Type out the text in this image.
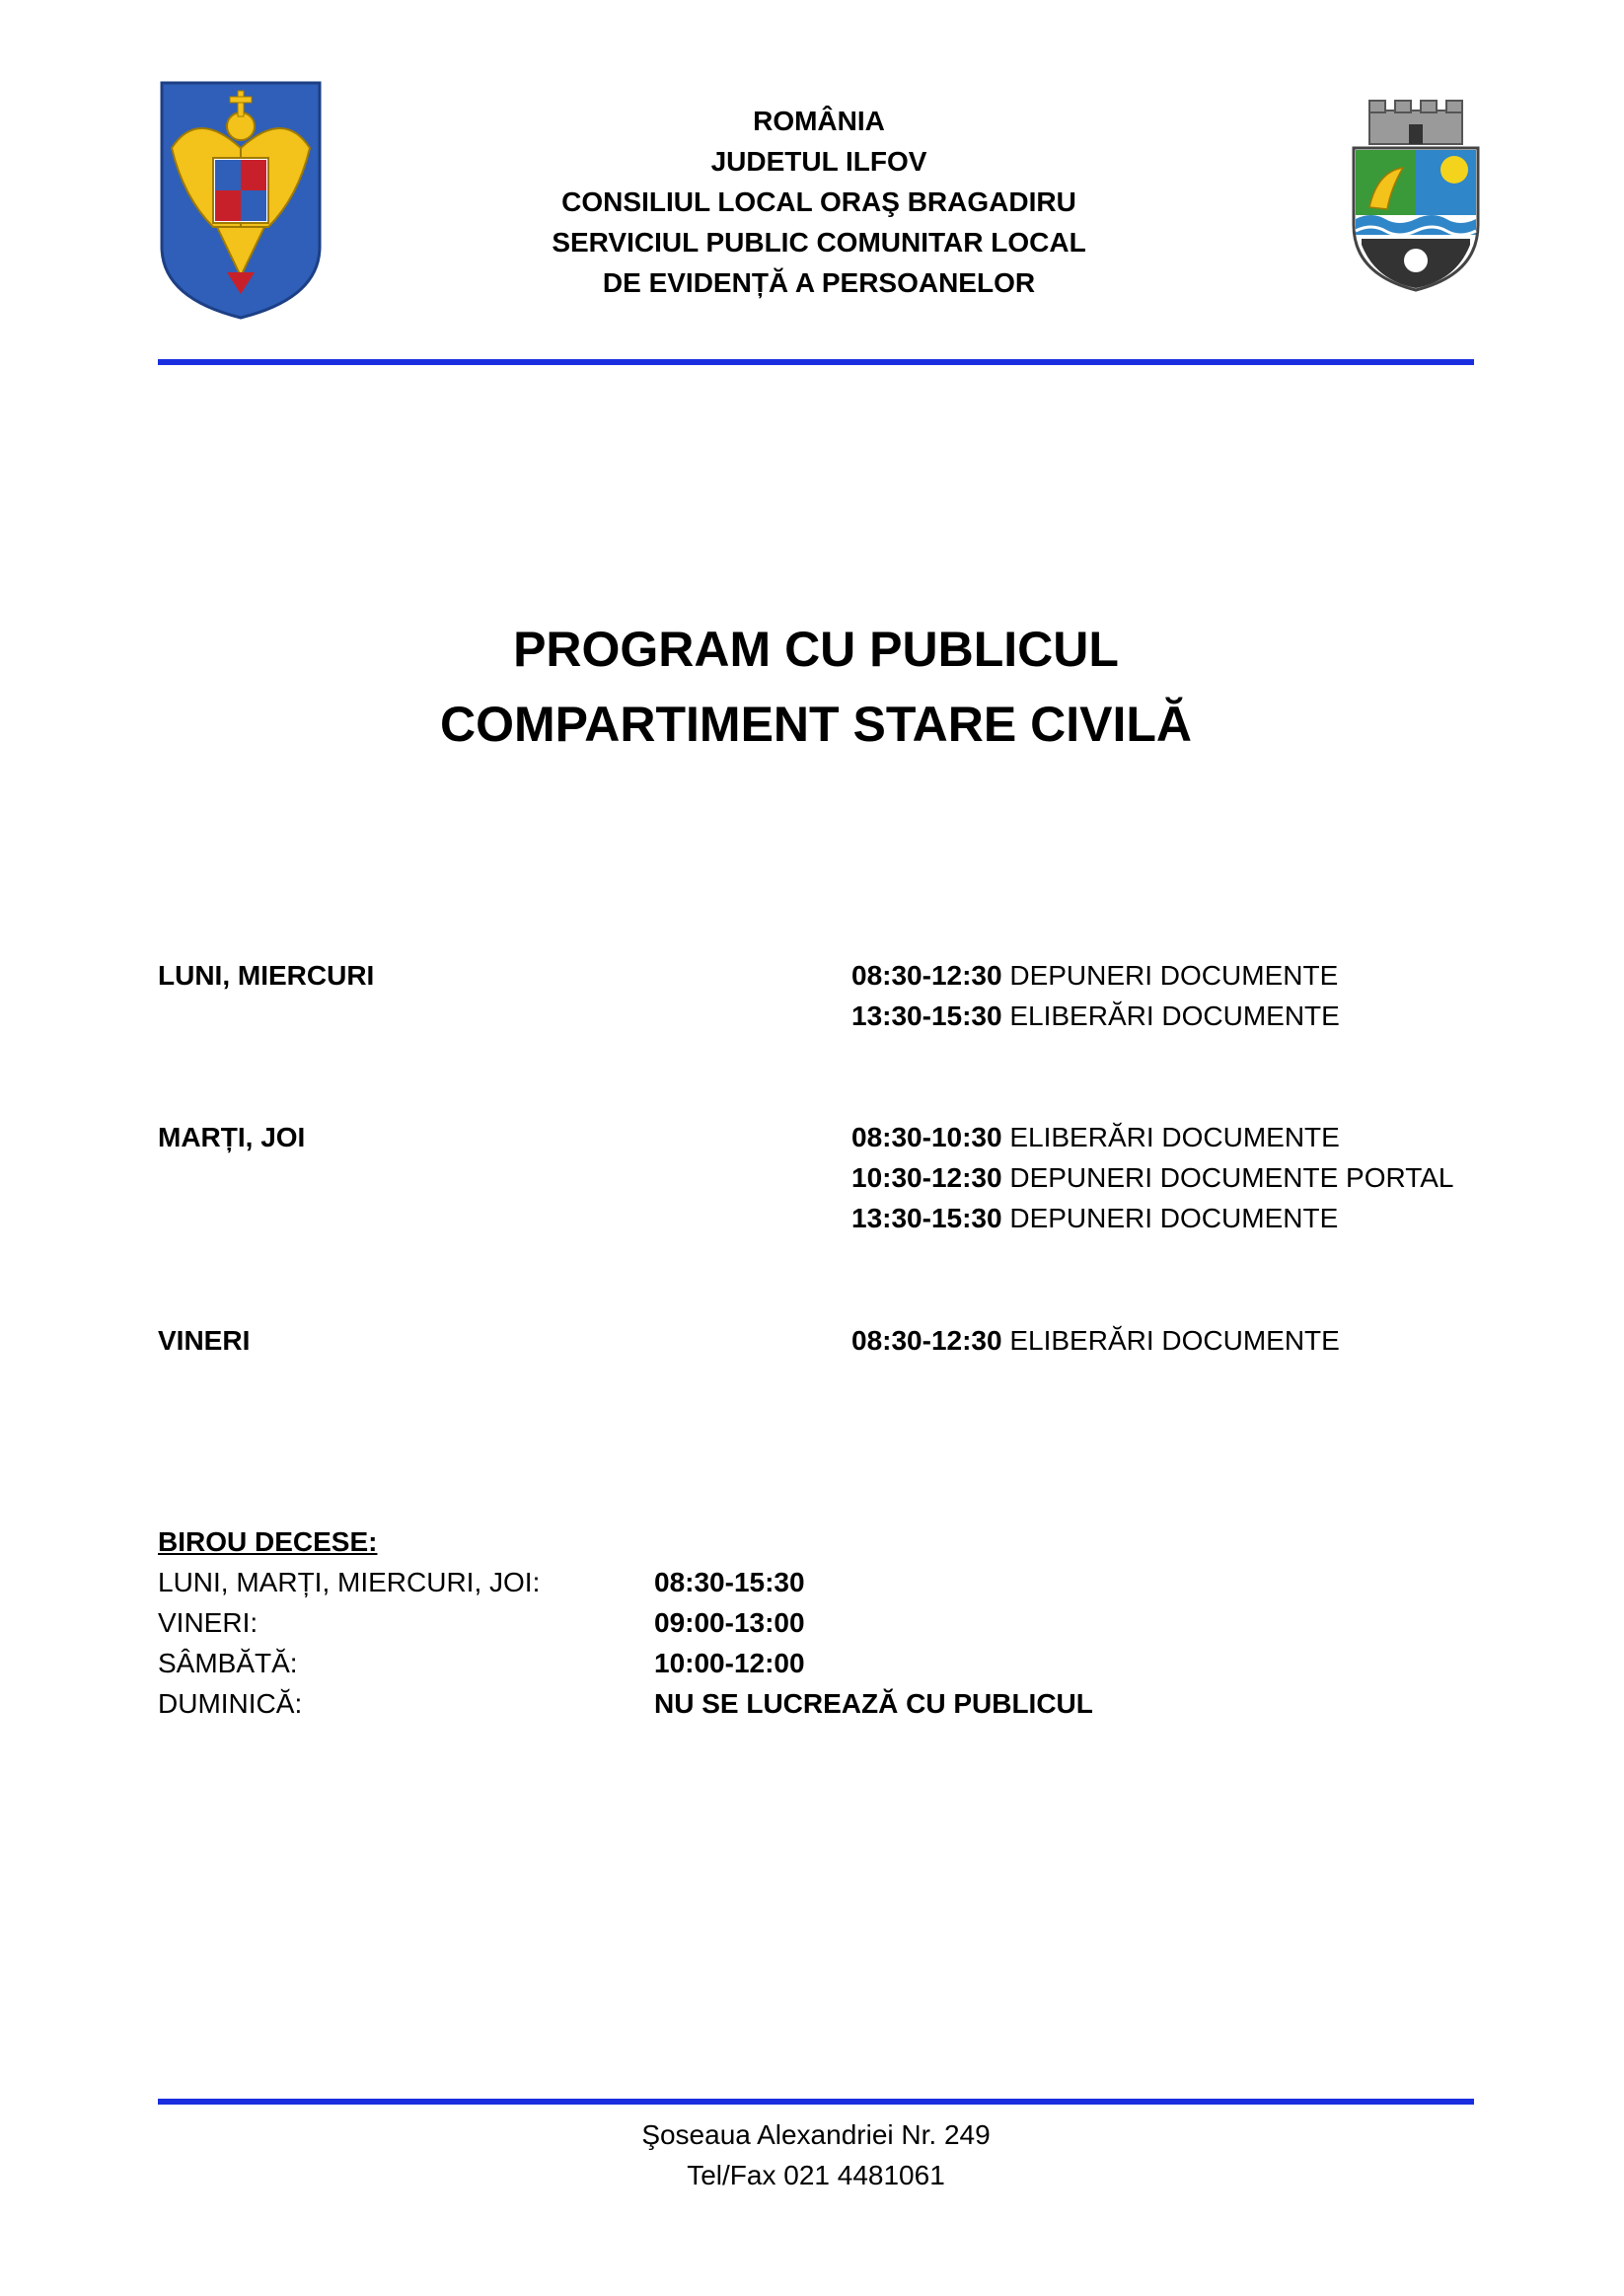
ROMÂNIA
JUDETUL ILFOV
CONSILIUL LOCAL ORAŞ BRAGADIRU
SERVICIUL PUBLIC COMUNITAR LOCAL
DE EVIDENȚĂ A PERSOANELOR
PROGRAM CU PUBLICUL
COMPARTIMENT STARE CIVILĂ
LUNI, MIERCURI	08:30-12:30 DEPUNERI DOCUMENTE
13:30-15:30 ELIBERĂRI DOCUMENTE
MARȚI, JOI	08:30-10:30 ELIBERĂRI DOCUMENTE
10:30-12:30 DEPUNERI DOCUMENTE PORTAL
13:30-15:30 DEPUNERI DOCUMENTE
VINERI	08:30-12:30 ELIBERĂRI DOCUMENTE
BIROU DECESE:
LUNI, MARȚI, MIERCURI, JOI:	08:30-15:30
VINERI:	09:00-13:00
SÂMBĂTĂ:	10:00-12:00
DUMINICĂ:	NU SE LUCREAZĂ CU PUBLICUL
Şoseaua Alexandriei Nr. 249
Tel/Fax 021 4481061
